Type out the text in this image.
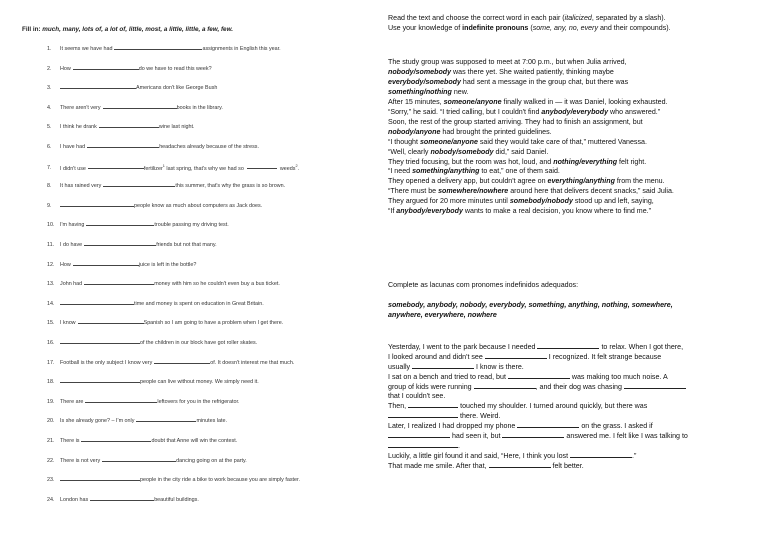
Fill in: much, many, lots of, a lot of, little, most, a little, little, a few, few.
1. It seems we have had	assignments in English this year.
2. How	do we have to read this week?
3.	Americans don't like George Bush
4. There aren't very	books in the library.
5. I think he drank	wine last night.
6. I have had	headaches already because of the stress.
7. I didn't use	fertilizer$^1$ last spring, that's why we had so	weeds$^2$.
8. It has rained very	this summer, that's why the grass is so brown.
9.	people know as much about computers as Jack does.
10. I'm having	trouble passing my driving test.
11. I do have	friends but not that many.
12. How	juice is left in the bottle?
13. John had	money with him so he couldn't even buy a bus ticket.
14.	time and money is spent on education in Great Britain.
15. I know	Spanish so I am going to have a problem when I get there.
16.	of the children in our block have got roller skates.
17. Football is the only subject I know very	of. It doesn't interest me that much.
18.	people can live without money. We simply need it.
19. There are	leftovers for you in the refrigerator.
20. Is she already gone? – I'm only	minutes late.
21. There is	doubt that Anne will win the contest.
22. There is not very	dancing going on at the party.
23.	people in the city ride a bike to work because you are simply faster.
24. London has	beautiful buildings.
Read the text and choose the correct word in each pair (italicized, separated by a slash).
Use your knowledge of indefinite pronouns (some, any, no, every and their compounds).
The study group was supposed to meet at 7:00 p.m., but when Julia arrived,
nobody/somebody was there yet. She waited patiently, thinking maybe
everybody/somebody had sent a message in the group chat, but there was
something/nothing new.
After 15 minutes, someone/anyone finally walked in — it was Daniel, looking exhausted.
“Sorry,” he said. “I tried calling, but I couldn't find anybody/everybody who answered.”
Soon, the rest of the group started arriving. They had to finish an assignment, but
nobody/anyone had brought the printed guidelines.
“I thought someone/anyone said they would take care of that,” muttered Vanessa.
“Well, clearly nobody/somebody did,” said Daniel.
They tried focusing, but the room was hot, loud, and nothing/everything felt right.
“I need something/anything to eat,” one of them said.
They opened a delivery app, but couldn't agree on everything/anything from the menu.
“There must be somewhere/nowhere around here that delivers decent snacks,” said Julia.
They argued for 20 more minutes until somebody/nobody stood up and left, saying,
“If anybody/everybody wants to make a real decision, you know where to find me.”
Complete as lacunas com pronomes indefinidos adequados:
somebody, anybody, nobody, everybody, something, anything, nothing, somewhere,
anywhere, everywhere, nowhere
Yesterday, I went to the park because I needed	to relax. When I got there,
I looked around and didn't see	I recognized. It felt strange because
usually	I know is there.
I sat on a bench and tried to read, but	was making too much noise. A
group of kids were running	, and their dog was chasing
that I couldn't see.
Then,	touched my shoulder. I turned around quickly, but there was
there. Weird.
Later, I realized I had dropped my phone	on the grass. I asked if
had seen it, but	answered me. I felt like I was talking to
.
Luckily, a little girl found it and said, “Here, I think you lost	.”
That made me smile. After that,	felt better.
